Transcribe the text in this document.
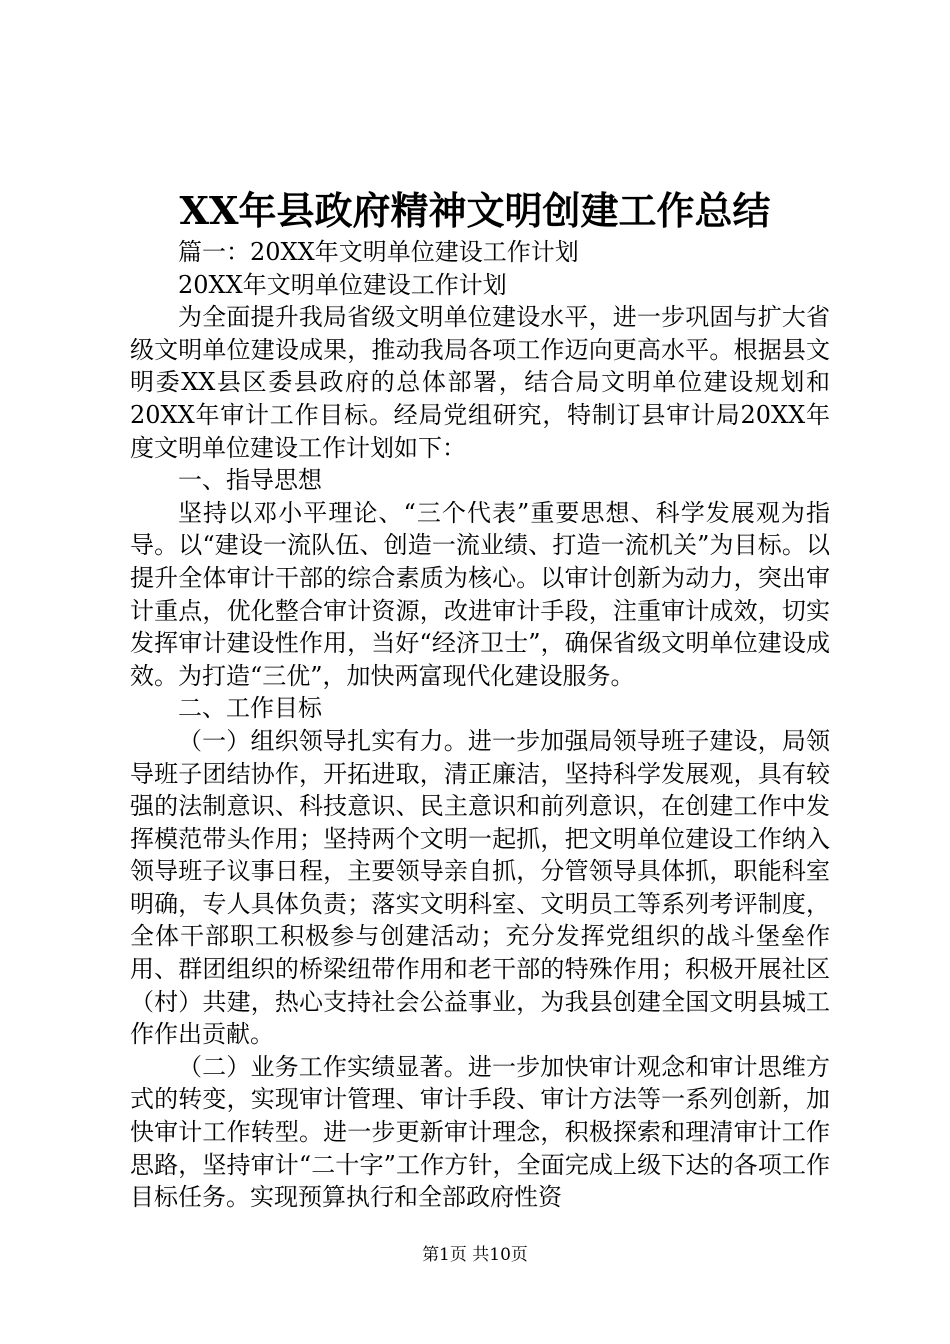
XX年县政府精神文明创建工作总结

篇一：20XX年文明单位建设工作计划

20XX年文明单位建设工作计划

为全面提升我局省级文明单位建设水平，进一步巩固与扩大省级文明单位建设成果，推动我局各项工作迈向更高水平。根据县文明委XX县区委县政府的总体部署，结合局文明单位建设规划和20XX年审计工作目标。经局党组研究，特制订县审计局20XX年度文明单位建设工作计划如下：

一、指导思想

坚持以邓小平理论、“三个代表”重要思想、科学发展观为指导。以“建设一流队伍、创造一流业绩、打造一流机关”为目标。以提升全体审计干部的综合素质为核心。以审计创新为动力，突出审计重点，优化整合审计资源，改进审计手段，注重审计成效，切实发挥审计建设性作用，当好“经济卫士”，确保省级文明单位建设成效。为打造“三优”，加快两富现代化建设服务。

二、工作目标

（一）组织领导扎实有力。进一步加强局领导班子建设，局领导班子团结协作，开拓进取，清正廉洁，坚持科学发展观，具有较强的法制意识、科技意识、民主意识和前列意识，在创建工作中发挥模范带头作用；坚持两个文明一起抓，把文明单位建设工作纳入领导班子议事日程，主要领导亲自抓，分管领导具体抓，职能科室明确，专人具体负责；落实文明科室、文明员工等系列考评制度，全体干部职工积极参与创建活动；充分发挥党组织的战斗堡垒作用、群团组织的桥梁纽带作用和老干部的特殊作用；积极开展社区（村）共建，热心支持社会公益事业，为我县创建全国文明县城工作作出贡献。

（二）业务工作实绩显著。进一步加快审计观念和审计思维方式的转变，实现审计管理、审计手段、审计方法等一系列创新，加快审计工作转型。进一步更新审计理念，积极探索和理清审计工作思路，坚持审计“二十字”工作方针，全面完成上级下达的各项工作目标任务。实现预算执行和全部政府性资

第1页 共10页
